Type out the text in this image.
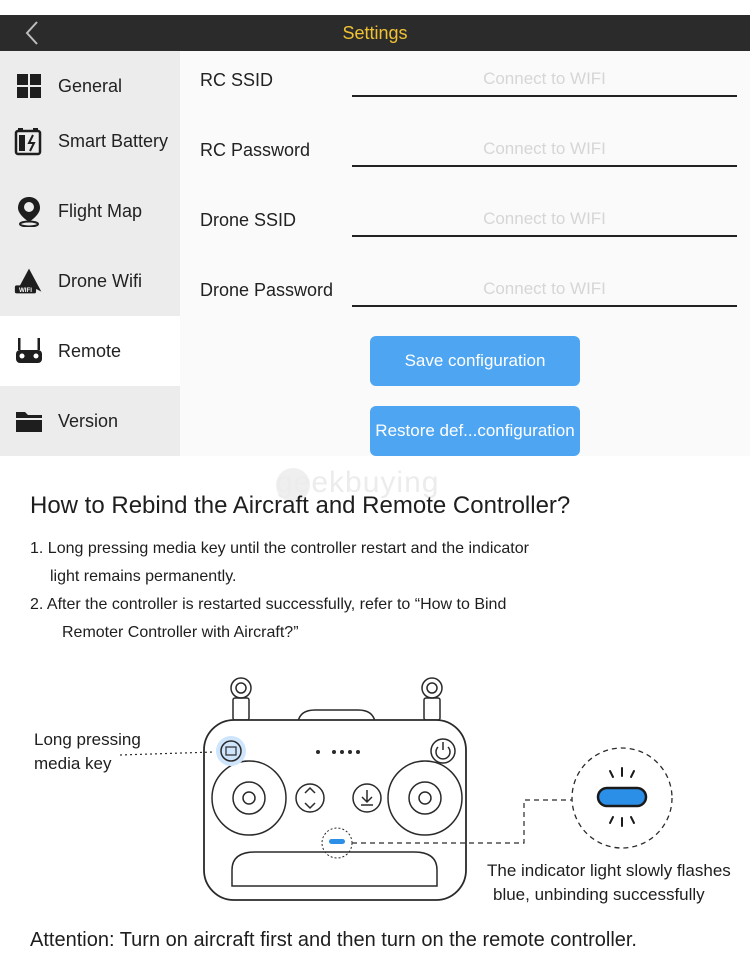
Settings
General
Smart Battery
Flight Map
WIFI
Drone Wifi
Remote
Version
RC SSID
Connect to WIFI
RC Password
Connect to WIFI
Drone SSID
Connect to WIFI
Drone Password
Connect to WIFI
Save configuration
Restore def...configuration
geekbuying
How to Rebind the Aircraft and Remote Controller?
1. Long pressing media key until the controller restart and the indicator
light remains permanently.
2. After the controller is restarted successfully, refer to “How to Bind
Remoter Controller with Aircraft?”
Long pressing
media key
The indicator light slowly flashes
blue, unbinding successfully
Attention: Turn on aircraft first and then turn on the remote controller.
